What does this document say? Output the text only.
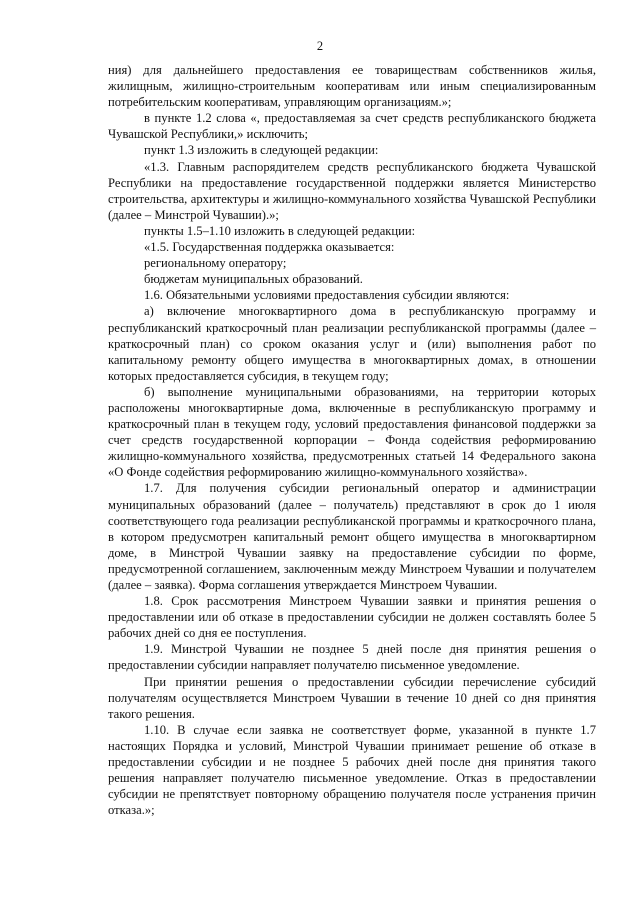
2

ния) для дальнейшего предоставления ее товариществам собственников жилья, жилищным, жилищно-строительным кооперативам или иным специализированным потребительским кооперативам, управляющим организациям.»;

в пункте 1.2 слова «, предоставляемая за счет средств республиканского бюджета Чувашской Республики,» исключить;

пункт 1.3 изложить в следующей редакции:

«1.3. Главным распорядителем средств республиканского бюджета Чувашской Республики на предоставление государственной поддержки является Министерство строительства, архитектуры и жилищно-коммунального хозяйства Чувашской Республики (далее – Минстрой Чувашии).»;

пункты 1.5–1.10 изложить в следующей редакции:

«1.5. Государственная поддержка оказывается:

региональному оператору;

бюджетам муниципальных образований.

1.6. Обязательными условиями предоставления субсидии являются:

а) включение многоквартирного дома в республиканскую программу и республиканский краткосрочный план реализации республиканской программы (далее – краткосрочный план) со сроком оказания услуг и (или) выполнения работ по капитальному ремонту общего имущества в многоквартирных домах, в отношении которых предоставляется субсидия, в текущем году;

б) выполнение муниципальными образованиями, на территории которых расположены многоквартирные дома, включенные в республиканскую программу и краткосрочный план в текущем году, условий предоставления финансовой поддержки за счет средств государственной корпорации – Фонда содействия реформированию жилищно-коммунального хозяйства, предусмотренных статьей 14 Федерального закона «О Фонде содействия реформированию жилищно-коммунального хозяйства».

1.7. Для получения субсидии региональный оператор и администрации муниципальных образований (далее – получатель) представляют в срок до 1 июля соответствующего года реализации республиканской программы и краткосрочного плана, в котором предусмотрен капитальный ремонт общего имущества в многоквартирном доме, в Минстрой Чувашии заявку на предоставление субсидии по форме, предусмотренной соглашением, заключенным между Минстроем Чувашии и получателем (далее – заявка). Форма соглашения утверждается Минстроем Чувашии.

1.8. Срок рассмотрения Минстроем Чувашии заявки и принятия решения о предоставлении или об отказе в предоставлении субсидии не должен составлять более 5 рабочих дней со дня ее поступления.

1.9. Минстрой Чувашии не позднее 5 дней после дня принятия решения о предоставлении субсидии направляет получателю письменное уведомление.

При принятии решения о предоставлении субсидии перечисление субсидий получателям осуществляется Минстроем Чувашии в течение 10 дней со дня принятия такого решения.

1.10. В случае если заявка не соответствует форме, указанной в пункте 1.7 настоящих Порядка и условий, Минстрой Чувашии принимает решение об отказе в предоставлении субсидии и не позднее 5 рабочих дней после дня принятия такого решения направляет получателю письменное уведомление. Отказ в предоставлении субсидии не препятствует повторному обращению получателя после устранения причин отказа.»;
